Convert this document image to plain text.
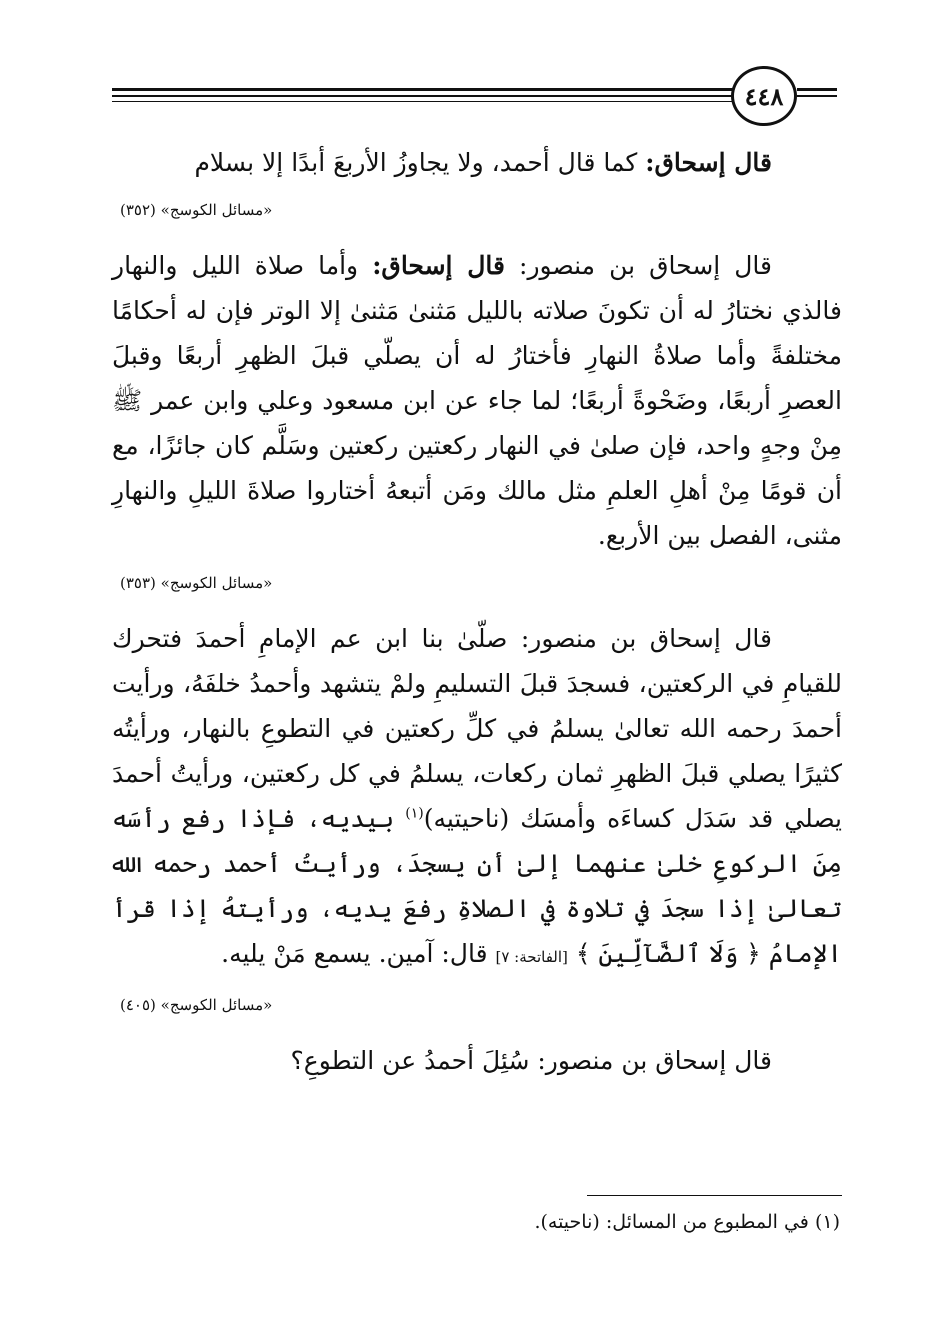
٤٤٨

قال إسحاق: كما قال أحمد، ولا يجاوزُ الأربعَ أبدًا إلا بسلام

«مسائل الكوسج» (٣٥٢)

قال إسحاق بن منصور: قال إسحاق: وأما صلاة الليل والنهار فالذي نختارُ له أن تكونَ صلاته بالليل مَثنىٰ مَثنىٰ إلا الوتر فإن له أحكامًا مختلفةً وأما صلاةُ النهارِ فأختارُ له أن يصلّي قبلَ الظهرِ أربعًا وقبلَ العصرِ أربعًا، وضَحْوةً أربعًا؛ لما جاء عن ابن مسعود وعلي وابن عمر ﷺ مِنْ وجهٍ واحد، فإن صلىٰ في النهار ركعتين ركعتين وسَلَّم كان جائزًا، مع أن قومًا مِنْ أهلِ العلمِ مثل مالك ومَن أتبعهُ أختاروا صلاةَ الليلِ والنهارِ مثنى، الفصل بين الأربع.

«مسائل الكوسج» (٣٥٣)

قال إسحاق بن منصور: صلّىٰ بنا ابن عم الإمامِ أحمدَ فتحرك للقيامِ في الركعتين، فسجدَ قبلَ التسليمِ ولمْ يتشهد وأحمدُ خلفَهُ، ورأيت أحمدَ رحمه الله تعالىٰ يسلمُ في كلِّ ركعتين في التطوعِ بالنهار، ورأيتُه كثيرًا يصلي قبلَ الظهرِ ثمان ركعات، يسلمُ في كل ركعتين، ورأيتُ أحمدَ يصلي قد سَدَل كساءَه وأمسَك (ناحيتيه)$^{(١)}$ بيديه، فإذا رفع رأسَه مِنَ الركوعِ خلىٰ عنهما إلىٰ أن يسجدَ، ورأيتُ أحمد رحمه الله تعالىٰ إذا سجدَ في تلاوة في الصلاةِ رفعَ يديه، ورأيتهُ إذا قرأ الإمامُ ﴿ وَلَا ٱلضَّآلِّينَ ﴾ [الفاتحة: ٧] قال: آمين. يسمع مَنْ يليه.

«مسائل الكوسج» (٤٠٥)

قال إسحاق بن منصور: سُئِلَ أحمدُ عن التطوعِ؟

(١) في المطبوع من المسائل: (ناحيته).
